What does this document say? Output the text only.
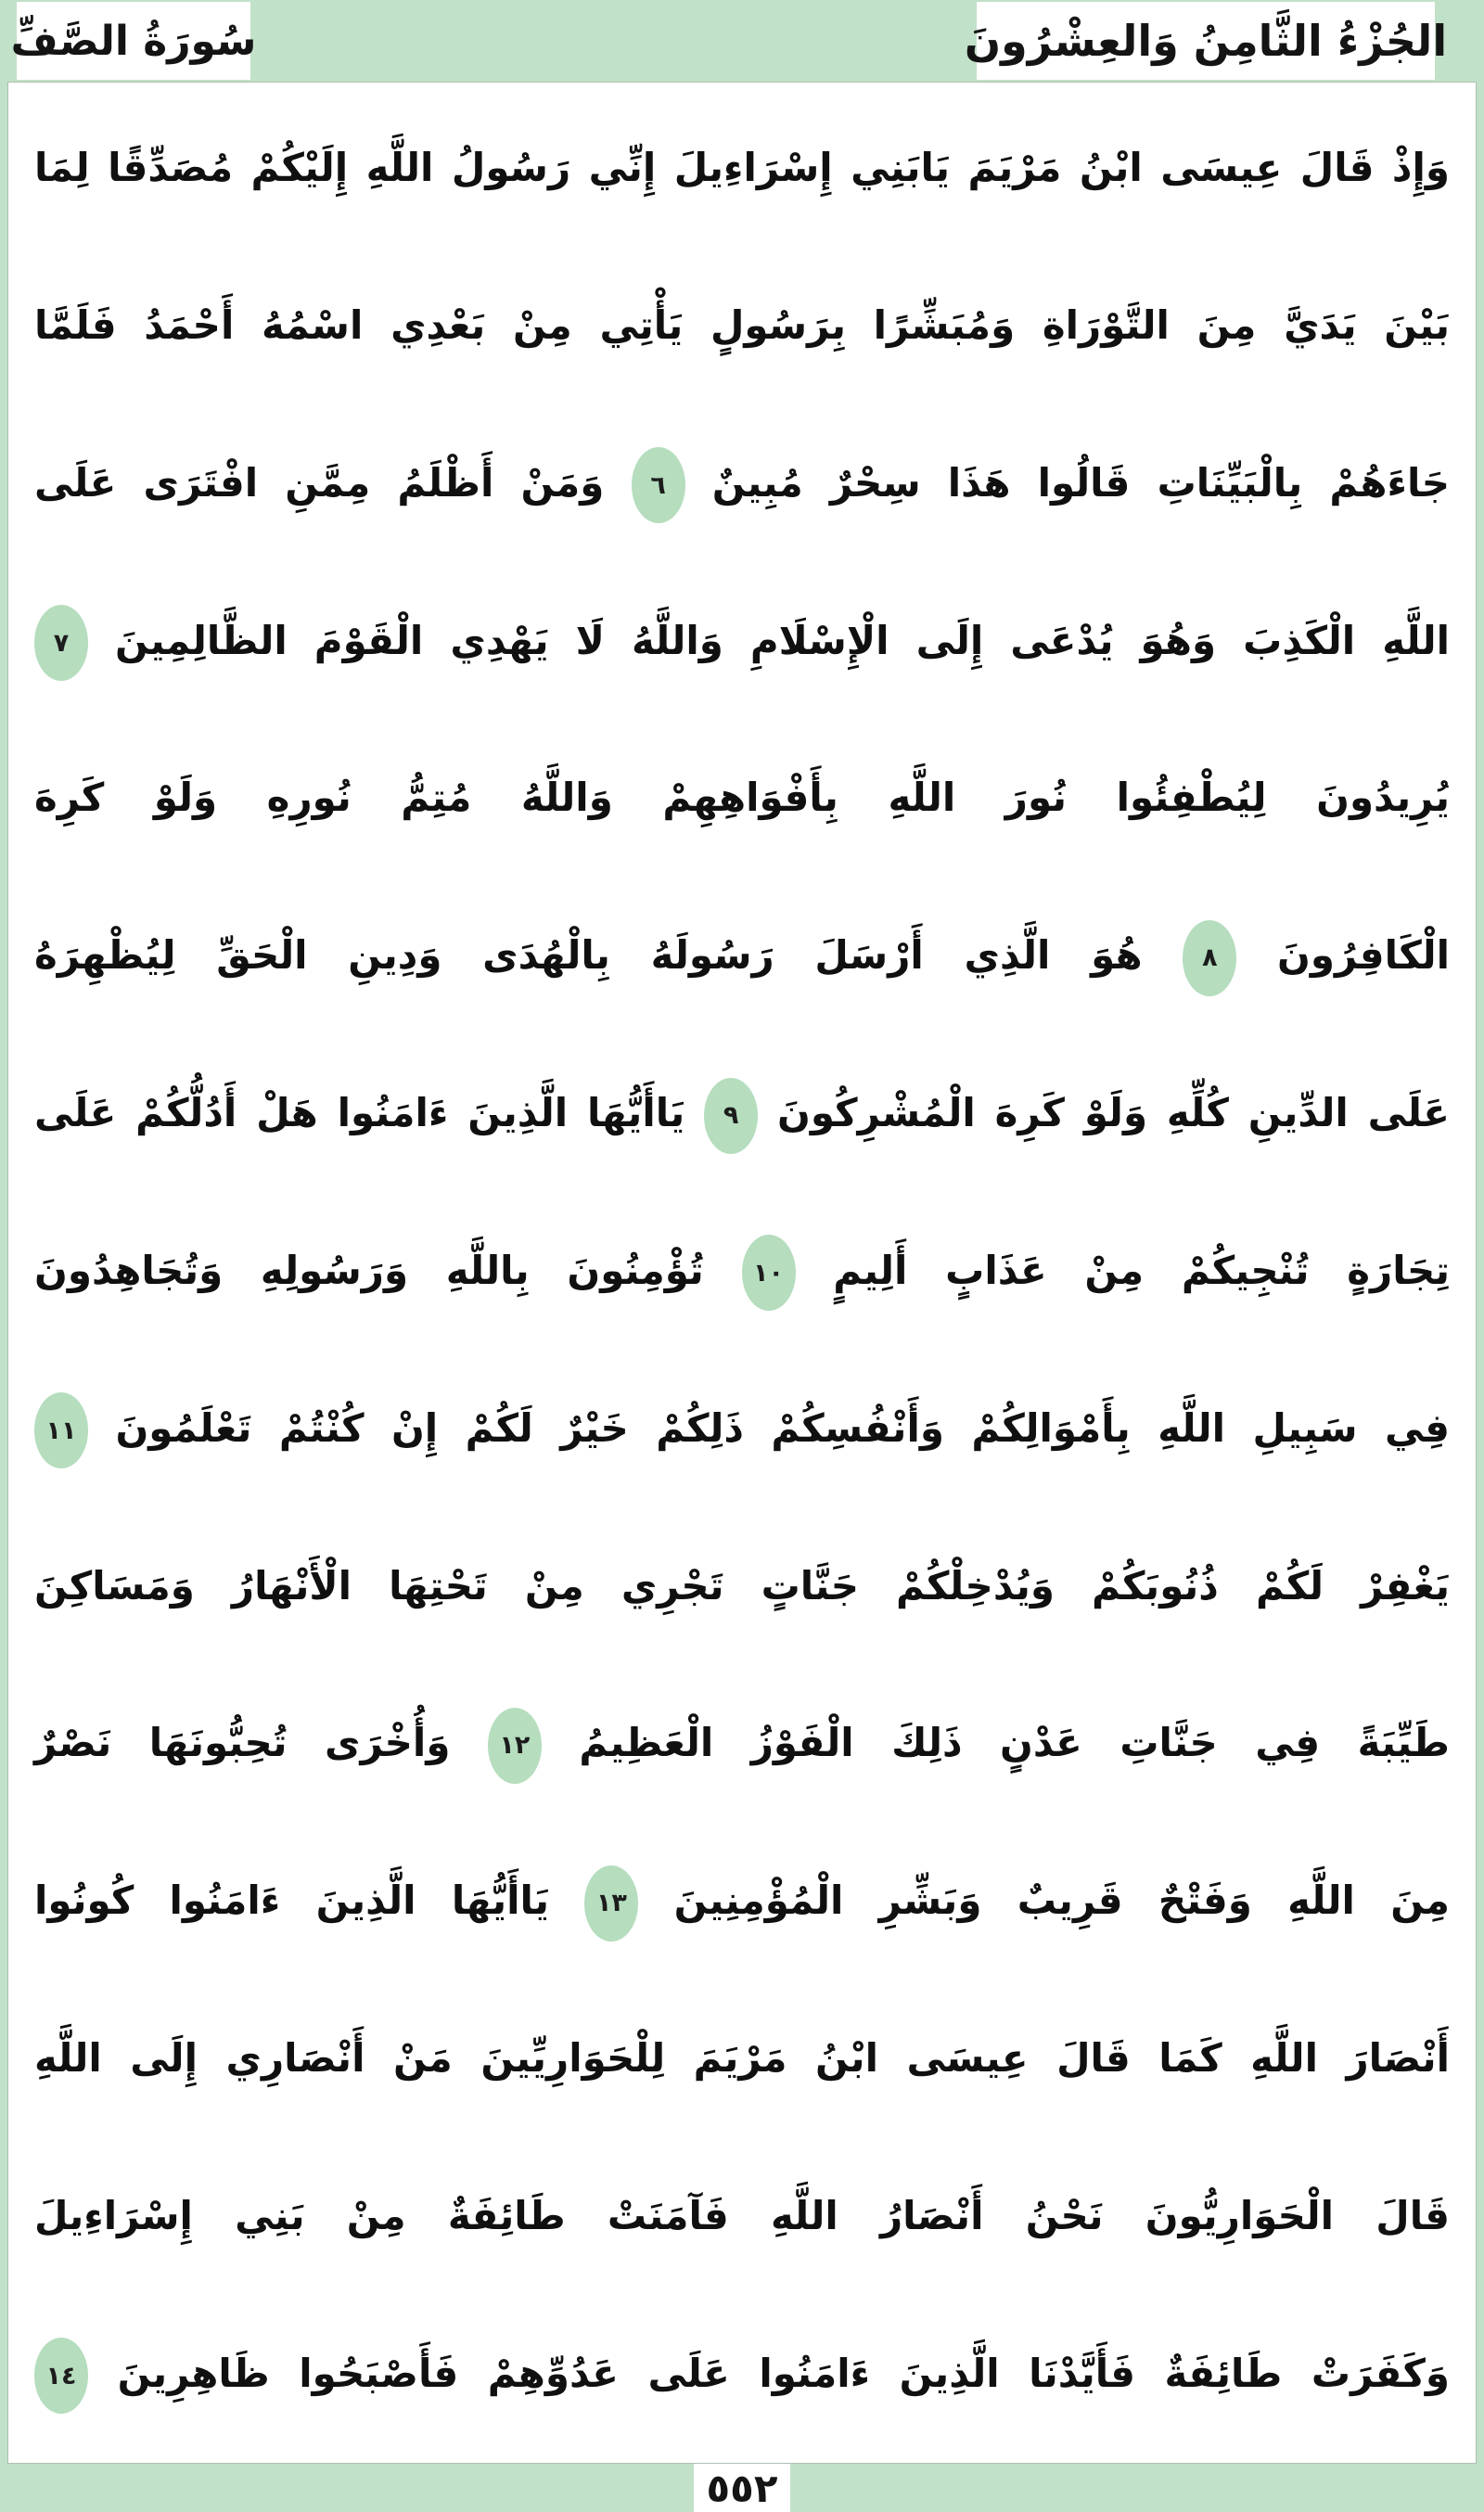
الجُزْءُ الثَّامِنُ وَالعِشْرُونَ
سُورَةُ الصَّفِّ
وَإِذْ قَالَ عِيسَى ابْنُ مَرْيَمَ يَابَنِي إِسْرَاءِيلَ إِنِّي رَسُولُ اللَّهِ إِلَيْكُمْ مُصَدِّقًا لِمَا
بَيْنَ يَدَيَّ مِنَ التَّوْرَاةِ وَمُبَشِّرًا بِرَسُولٍ يَأْتِي مِنْ بَعْدِي اسْمُهُ أَحْمَدُ فَلَمَّا
جَاءَهُمْ بِالْبَيِّنَاتِ قَالُوا هَذَا سِحْرٌ مُبِينٌ ٦ وَمَنْ أَظْلَمُ مِمَّنِ افْتَرَى عَلَى
اللَّهِ الْكَذِبَ وَهُوَ يُدْعَى إِلَى الْإِسْلَامِ وَاللَّهُ لَا يَهْدِي الْقَوْمَ الظَّالِمِينَ ٧
يُرِيدُونَ لِيُطْفِئُوا نُورَ اللَّهِ بِأَفْوَاهِهِمْ وَاللَّهُ مُتِمُّ نُورِهِ وَلَوْ كَرِهَ
الْكَافِرُونَ ٨ هُوَ الَّذِي أَرْسَلَ رَسُولَهُ بِالْهُدَى وَدِينِ الْحَقِّ لِيُظْهِرَهُ
عَلَى الدِّينِ كُلِّهِ وَلَوْ كَرِهَ الْمُشْرِكُونَ ٩ يَاأَيُّهَا الَّذِينَ ءَامَنُوا هَلْ أَدُلُّكُمْ عَلَى
تِجَارَةٍ تُنْجِيكُمْ مِنْ عَذَابٍ أَلِيمٍ ١٠ تُؤْمِنُونَ بِاللَّهِ وَرَسُولِهِ وَتُجَاهِدُونَ
فِي سَبِيلِ اللَّهِ بِأَمْوَالِكُمْ وَأَنْفُسِكُمْ ذَلِكُمْ خَيْرٌ لَكُمْ إِنْ كُنْتُمْ تَعْلَمُونَ ١١
يَغْفِرْ لَكُمْ ذُنُوبَكُمْ وَيُدْخِلْكُمْ جَنَّاتٍ تَجْرِي مِنْ تَحْتِهَا الْأَنْهَارُ وَمَسَاكِنَ
طَيِّبَةً فِي جَنَّاتِ عَدْنٍ ذَلِكَ الْفَوْزُ الْعَظِيمُ ١٢ وَأُخْرَى تُحِبُّونَهَا نَصْرٌ
مِنَ اللَّهِ وَفَتْحٌ قَرِيبٌ وَبَشِّرِ الْمُؤْمِنِينَ ١٣ يَاأَيُّهَا الَّذِينَ ءَامَنُوا كُونُوا
أَنْصَارَ اللَّهِ كَمَا قَالَ عِيسَى ابْنُ مَرْيَمَ لِلْحَوَارِيِّينَ مَنْ أَنْصَارِي إِلَى اللَّهِ
قَالَ الْحَوَارِيُّونَ نَحْنُ أَنْصَارُ اللَّهِ فَآمَنَتْ طَائِفَةٌ مِنْ بَنِي إِسْرَاءِيلَ
وَكَفَرَتْ طَائِفَةٌ فَأَيَّدْنَا الَّذِينَ ءَامَنُوا عَلَى عَدُوِّهِمْ فَأَصْبَحُوا ظَاهِرِينَ ١٤
٥٥٢
